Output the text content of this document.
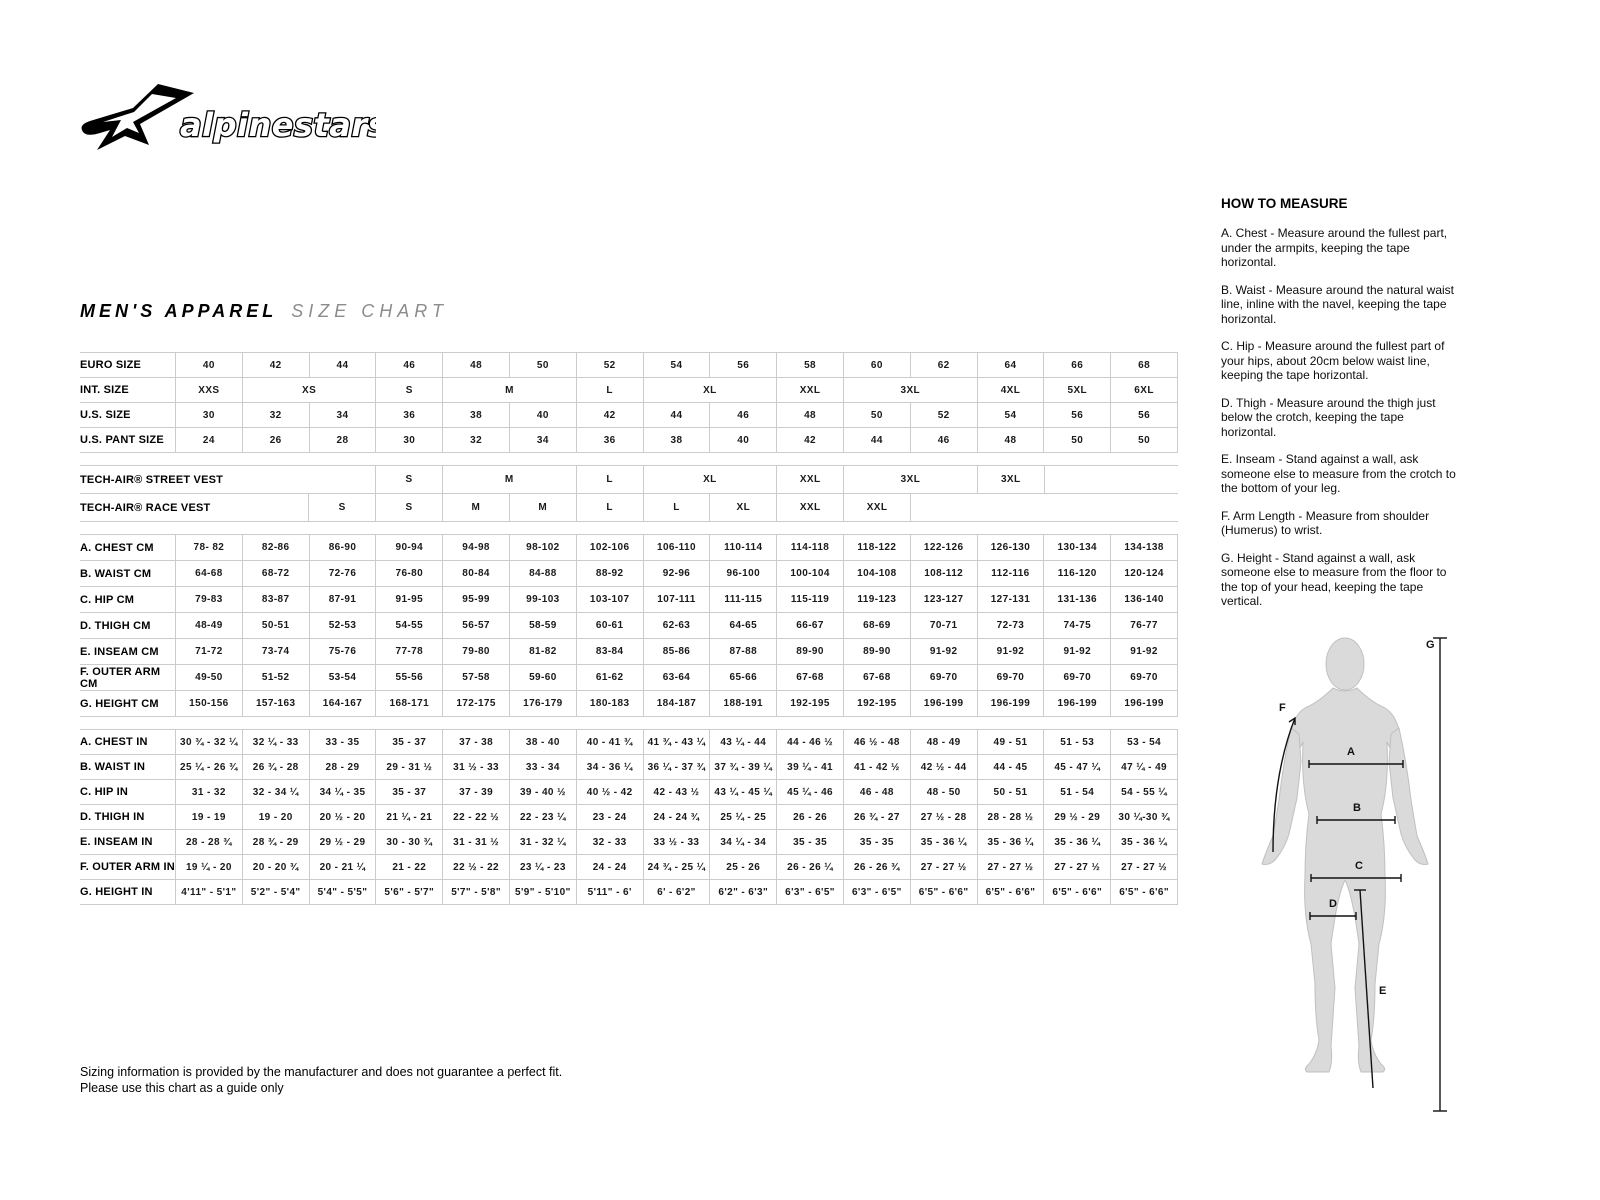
alpinestars
MEN'S APPAREL SIZE CHART
EURO SIZE	40	42	44	46	48	50	52	54	56	58	60	62	64	66	68
INT. SIZE	XXS	XS		S	M		L	XL		XXL	3XL		4XL	5XL	6XL
U.S. SIZE	30	32	34	36	38	40	42	44	46	48	50	52	54	56	56
U.S. PANT SIZE	24	26	28	30	32	34	36	38	40	42	44	46	48	50	50
TECH-AIR® STREET VEST				S	M		L	XL		XXL	3XL		3XL		
TECH-AIR® RACE VEST			S	S	M	M	L	L	XL	XXL	XXL				
A. CHEST CM	78- 82	82-86	86-90	90-94	94-98	98-102	102-106	106-110	110-114	114-118	118-122	122-126	126-130	130-134	134-138
B. WAIST CM	64-68	68-72	72-76	76-80	80-84	84-88	88-92	92-96	96-100	100-104	104-108	108-112	112-116	116-120	120-124
C. HIP CM	79-83	83-87	87-91	91-95	95-99	99-103	103-107	107-111	111-115	115-119	119-123	123-127	127-131	131-136	136-140
D. THIGH CM	48-49	50-51	52-53	54-55	56-57	58-59	60-61	62-63	64-65	66-67	68-69	70-71	72-73	74-75	76-77
E. INSEAM CM	71-72	73-74	75-76	77-78	79-80	81-82	83-84	85-86	87-88	89-90	89-90	91-92	91-92	91-92	91-92
F. OUTER ARM CM	49-50	51-52	53-54	55-56	57-58	59-60	61-62	63-64	65-66	67-68	67-68	69-70	69-70	69-70	69-70
G. HEIGHT CM	150-156	157-163	164-167	168-171	172-175	176-179	180-183	184-187	188-191	192-195	192-195	196-199	196-199	196-199	196-199
A. CHEST IN	30 ¾ - 32 ¼	32 ¼ - 33	33 - 35	35 - 37	37 - 38	38 - 40	40 - 41 ¾	41 ¾ - 43 ¼	43 ¼ - 44	44 - 46 ½	46 ½ - 48	48 - 49	49 - 51	51 - 53	53 - 54
B. WAIST IN	25 ¼ - 26 ¾	26 ¾ - 28	28 - 29	29 - 31 ½	31 ½ - 33	33 - 34	34 - 36 ¼	36 ¼ - 37 ¾	37 ¾ - 39 ¼	39 ¼ - 41	41 - 42 ½	42 ½ - 44	44 - 45	45 - 47 ¼	47 ¼ - 49
C. HIP IN	31 - 32	32 - 34 ¼	34 ¼ - 35	35 - 37	37 - 39	39 - 40 ½	40 ½ - 42	42 - 43 ½	43 ¼ - 45 ¼	45 ¼ - 46	46 - 48	48 - 50	50 - 51	51 - 54	54 - 55 ¼
D. THIGH IN	19 - 19	19 - 20	20 ½ - 20	21 ¼ - 21	22 - 22 ½	22 - 23 ¼	23 - 24	24 - 24 ¾	25 ¼ - 25	26 - 26	26 ¾ - 27	27 ½ - 28	28 - 28 ½	29 ½ - 29	30 ¼-30 ¾
E. INSEAM IN	28 - 28 ¾	28 ¾ - 29	29 ½ - 29	30 - 30 ¾	31 - 31 ½	31 - 32 ¼	32 - 33	33 ½ - 33	34 ¼ - 34	35 - 35	35 - 35	35 - 36 ¼	35 - 36 ¼	35 - 36 ¼	35 - 36 ¼
F. OUTER ARM IN	19 ¼ - 20	20 - 20 ¾	20 - 21 ¼	21 - 22	22 ½ - 22	23 ¼ - 23	24 - 24	24 ¾ - 25 ¼	25 - 26	26 - 26 ¼	26 - 26 ¾	27 - 27 ½	27 - 27 ½	27 - 27 ½	27 - 27 ½
G. HEIGHT IN	4'11" - 5'1"	5'2" - 5'4"	5'4" - 5'5"	5'6" - 5'7"	5'7" - 5'8"	5'9" - 5'10"	5'11" - 6'	6' - 6'2"	6'2" - 6'3"	6'3" - 6'5"	6'3" - 6'5"	6'5" - 6'6"	6'5" - 6'6"	6'5" - 6'6"	6'5" - 6'6"
HOW TO MEASURE

A. Chest - Measure around the fullest part, under the armpits, keeping the tape horizontal.

B. Waist - Measure around the natural waist line, inline with the navel, keeping the tape horizontal.

C. Hip - Measure around the fullest part of your hips, about 20cm below waist line, keeping the tape horizontal.

D. Thigh - Measure around the thigh just below the crotch, keeping the tape horizontal.

E. Inseam - Stand against a wall, ask someone else to measure from the crotch to the bottom of your leg.

F. Arm Length - Measure from shoulder (Humerus) to wrist.

G. Height - Stand against a wall, ask someone else to measure from the floor to the top of your head, keeping the tape vertical.

A
B
C
D
E
F
G
Sizing information is provided by the manufacturer and does not guarantee a perfect fit.
Please use this chart as a guide only
